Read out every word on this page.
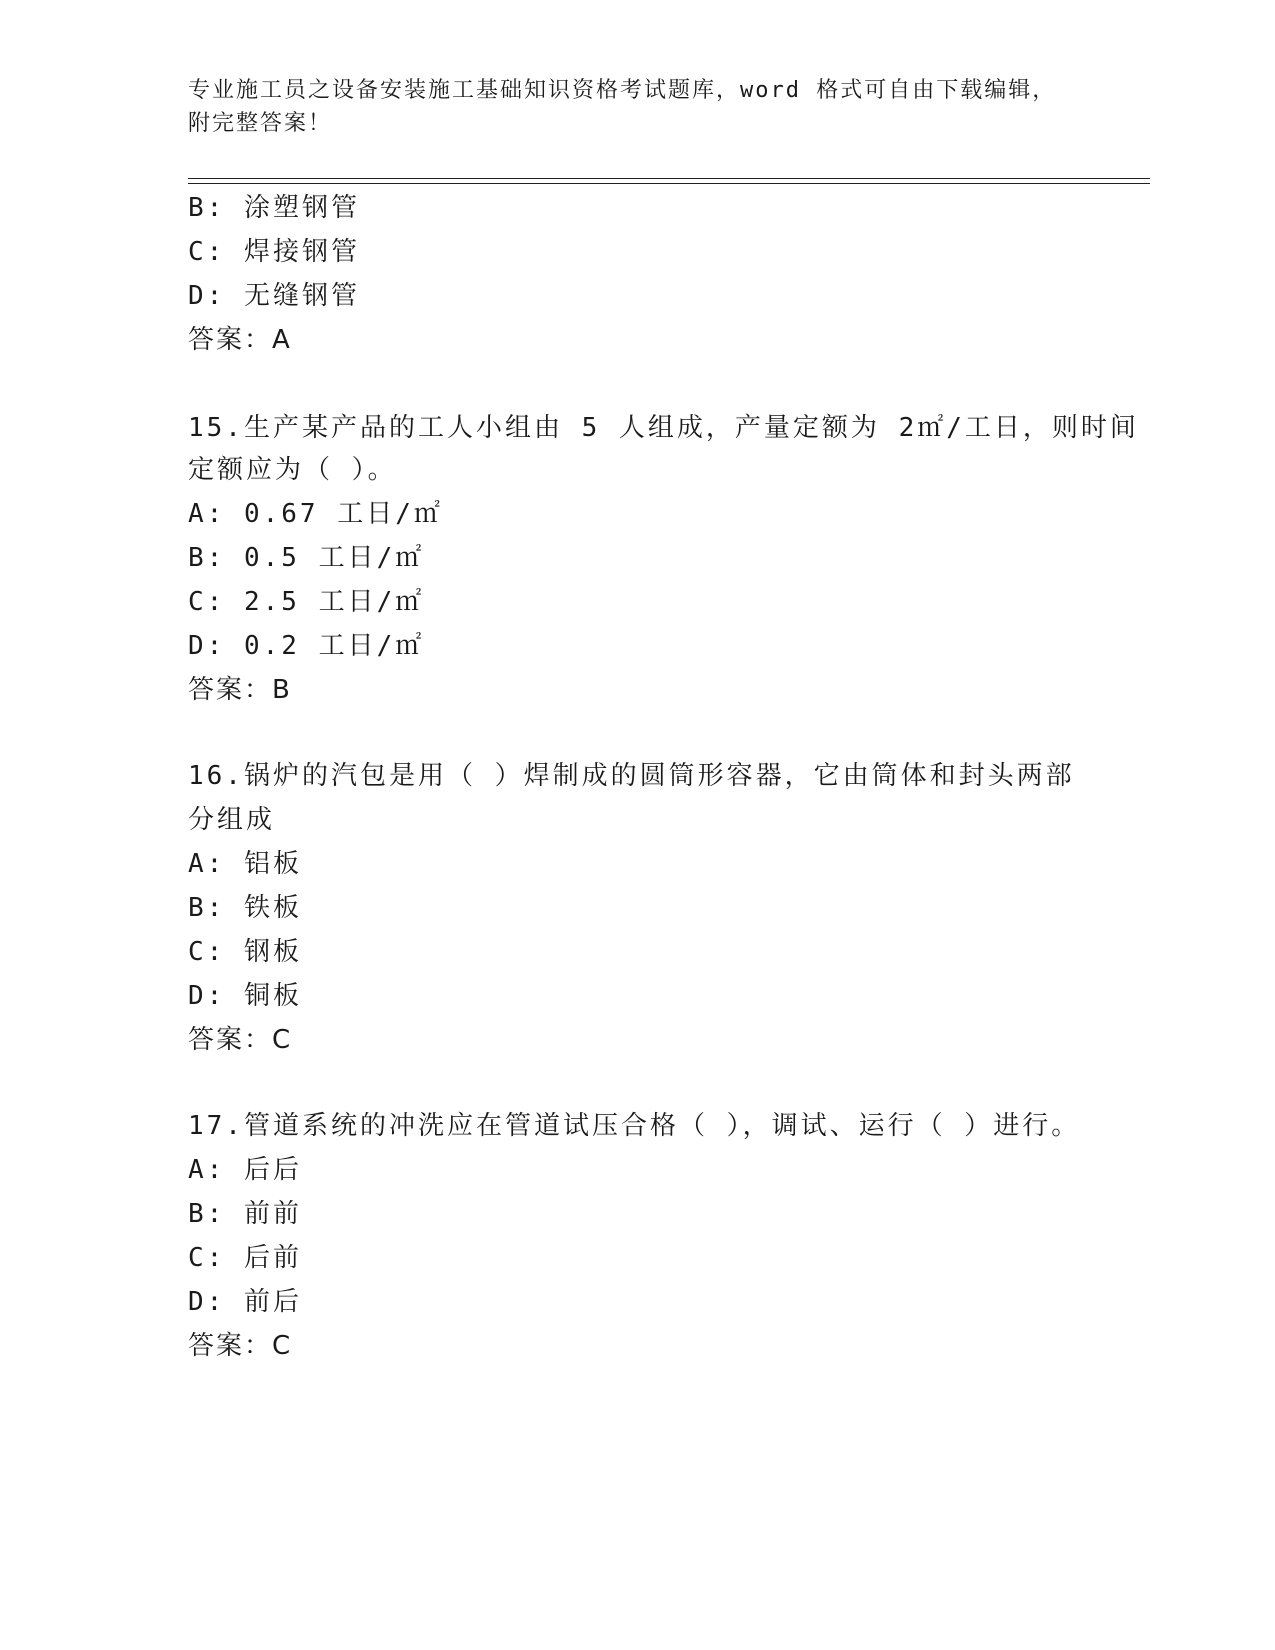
专业施工员之设备安装施工基础知识资格考试题库，word 格式可自由下载编辑，
附完整答案！
B: 涂塑钢管
C: 焊接钢管
D: 无缝钢管
答案：A
15.生产某产品的工人小组由 5 人组成，产量定额为 2㎡/工日，则时间
定额应为（ ）。
A: 0.67 工日/㎡
B: 0.5 工日/㎡
C: 2.5 工日/㎡
D: 0.2 工日/㎡
答案：B
16.锅炉的汽包是用（ ）焊制成的圆筒形容器，它由筒体和封头两部
分组成
A: 铝板
B: 铁板
C: 钢板
D: 铜板
答案：C
17.管道系统的冲洗应在管道试压合格（ ），调试、运行（ ）进行。
A: 后后
B: 前前
C: 后前
D: 前后
答案：C
